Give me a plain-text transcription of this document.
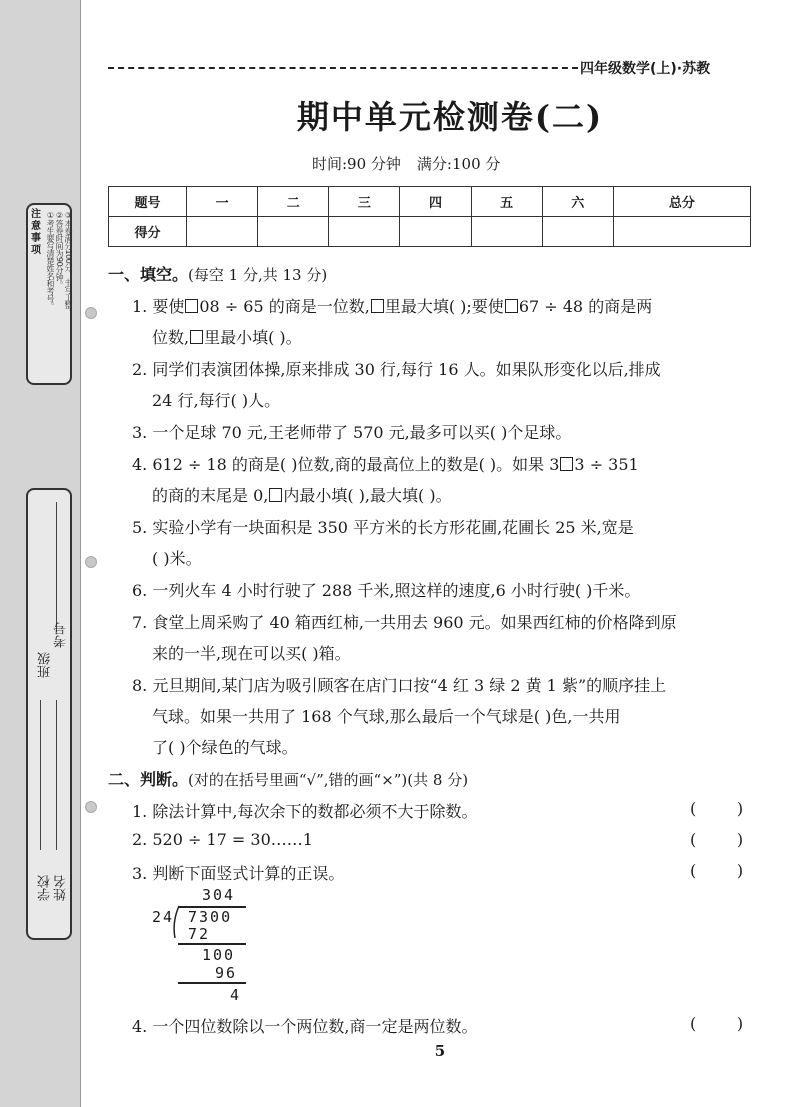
注
意
事
项 ①考生要写清楚姓名和考号。 ②答卷时间为90分钟。 ③本卷满分100分，书写工整。
班级
考号
学校 姓名
四年级数学(上)·苏教
期中单元检测卷(二)
时间:90 分钟 满分:100 分
题号	一	二	三	四	五	六	总分
得分							
一、填空。(每空 1 分,共 13 分)
1. 要使 08 ÷ 65 的商是一位数, 里最大填( );要使 67 ÷ 48 的商是两
位数, 里最小填( )。
2. 同学们表演团体操,原来排成 30 行,每行 16 人。如果队形变化以后,排成
24 行,每行( )人。
3. 一个足球 70 元,王老师带了 570 元,最多可以买( )个足球。
4. 612 ÷ 18 的商是( )位数,商的最高位上的数是( )。如果 3 3 ÷ 351
的商的末尾是 0, 内最小填( ),最大填( )。
5. 实验小学有一块面积是 350 平方米的长方形花圃,花圃长 25 米,宽是
( )米。
6. 一列火车 4 小时行驶了 288 千米,照这样的速度,6 小时行驶( )千米。
7. 食堂上周采购了 40 箱西红柿,一共用去 960 元。如果西红柿的价格降到原
来的一半,现在可以买( )箱。
8. 元旦期间,某门店为吸引顾客在店门口按“4 红 3 绿 2 黄 1 紫”的顺序挂上
气球。如果一共用了 168 个气球,那么最后一个气球是( )色,一共用
了( )个绿色的气球。
二、判断。(对的在括号里画“√”,错的画“×”)(共 8 分)
1. 除法计算中,每次余下的数都必须不大于除数。	(        )
2. 520 ÷ 17 = 30……1	(        )
3. 判断下面竖式计算的正误。	(        )
304
24 7300
72
100
96
4
4. 一个四位数除以一个两位数,商一定是两位数。	(        )
5
